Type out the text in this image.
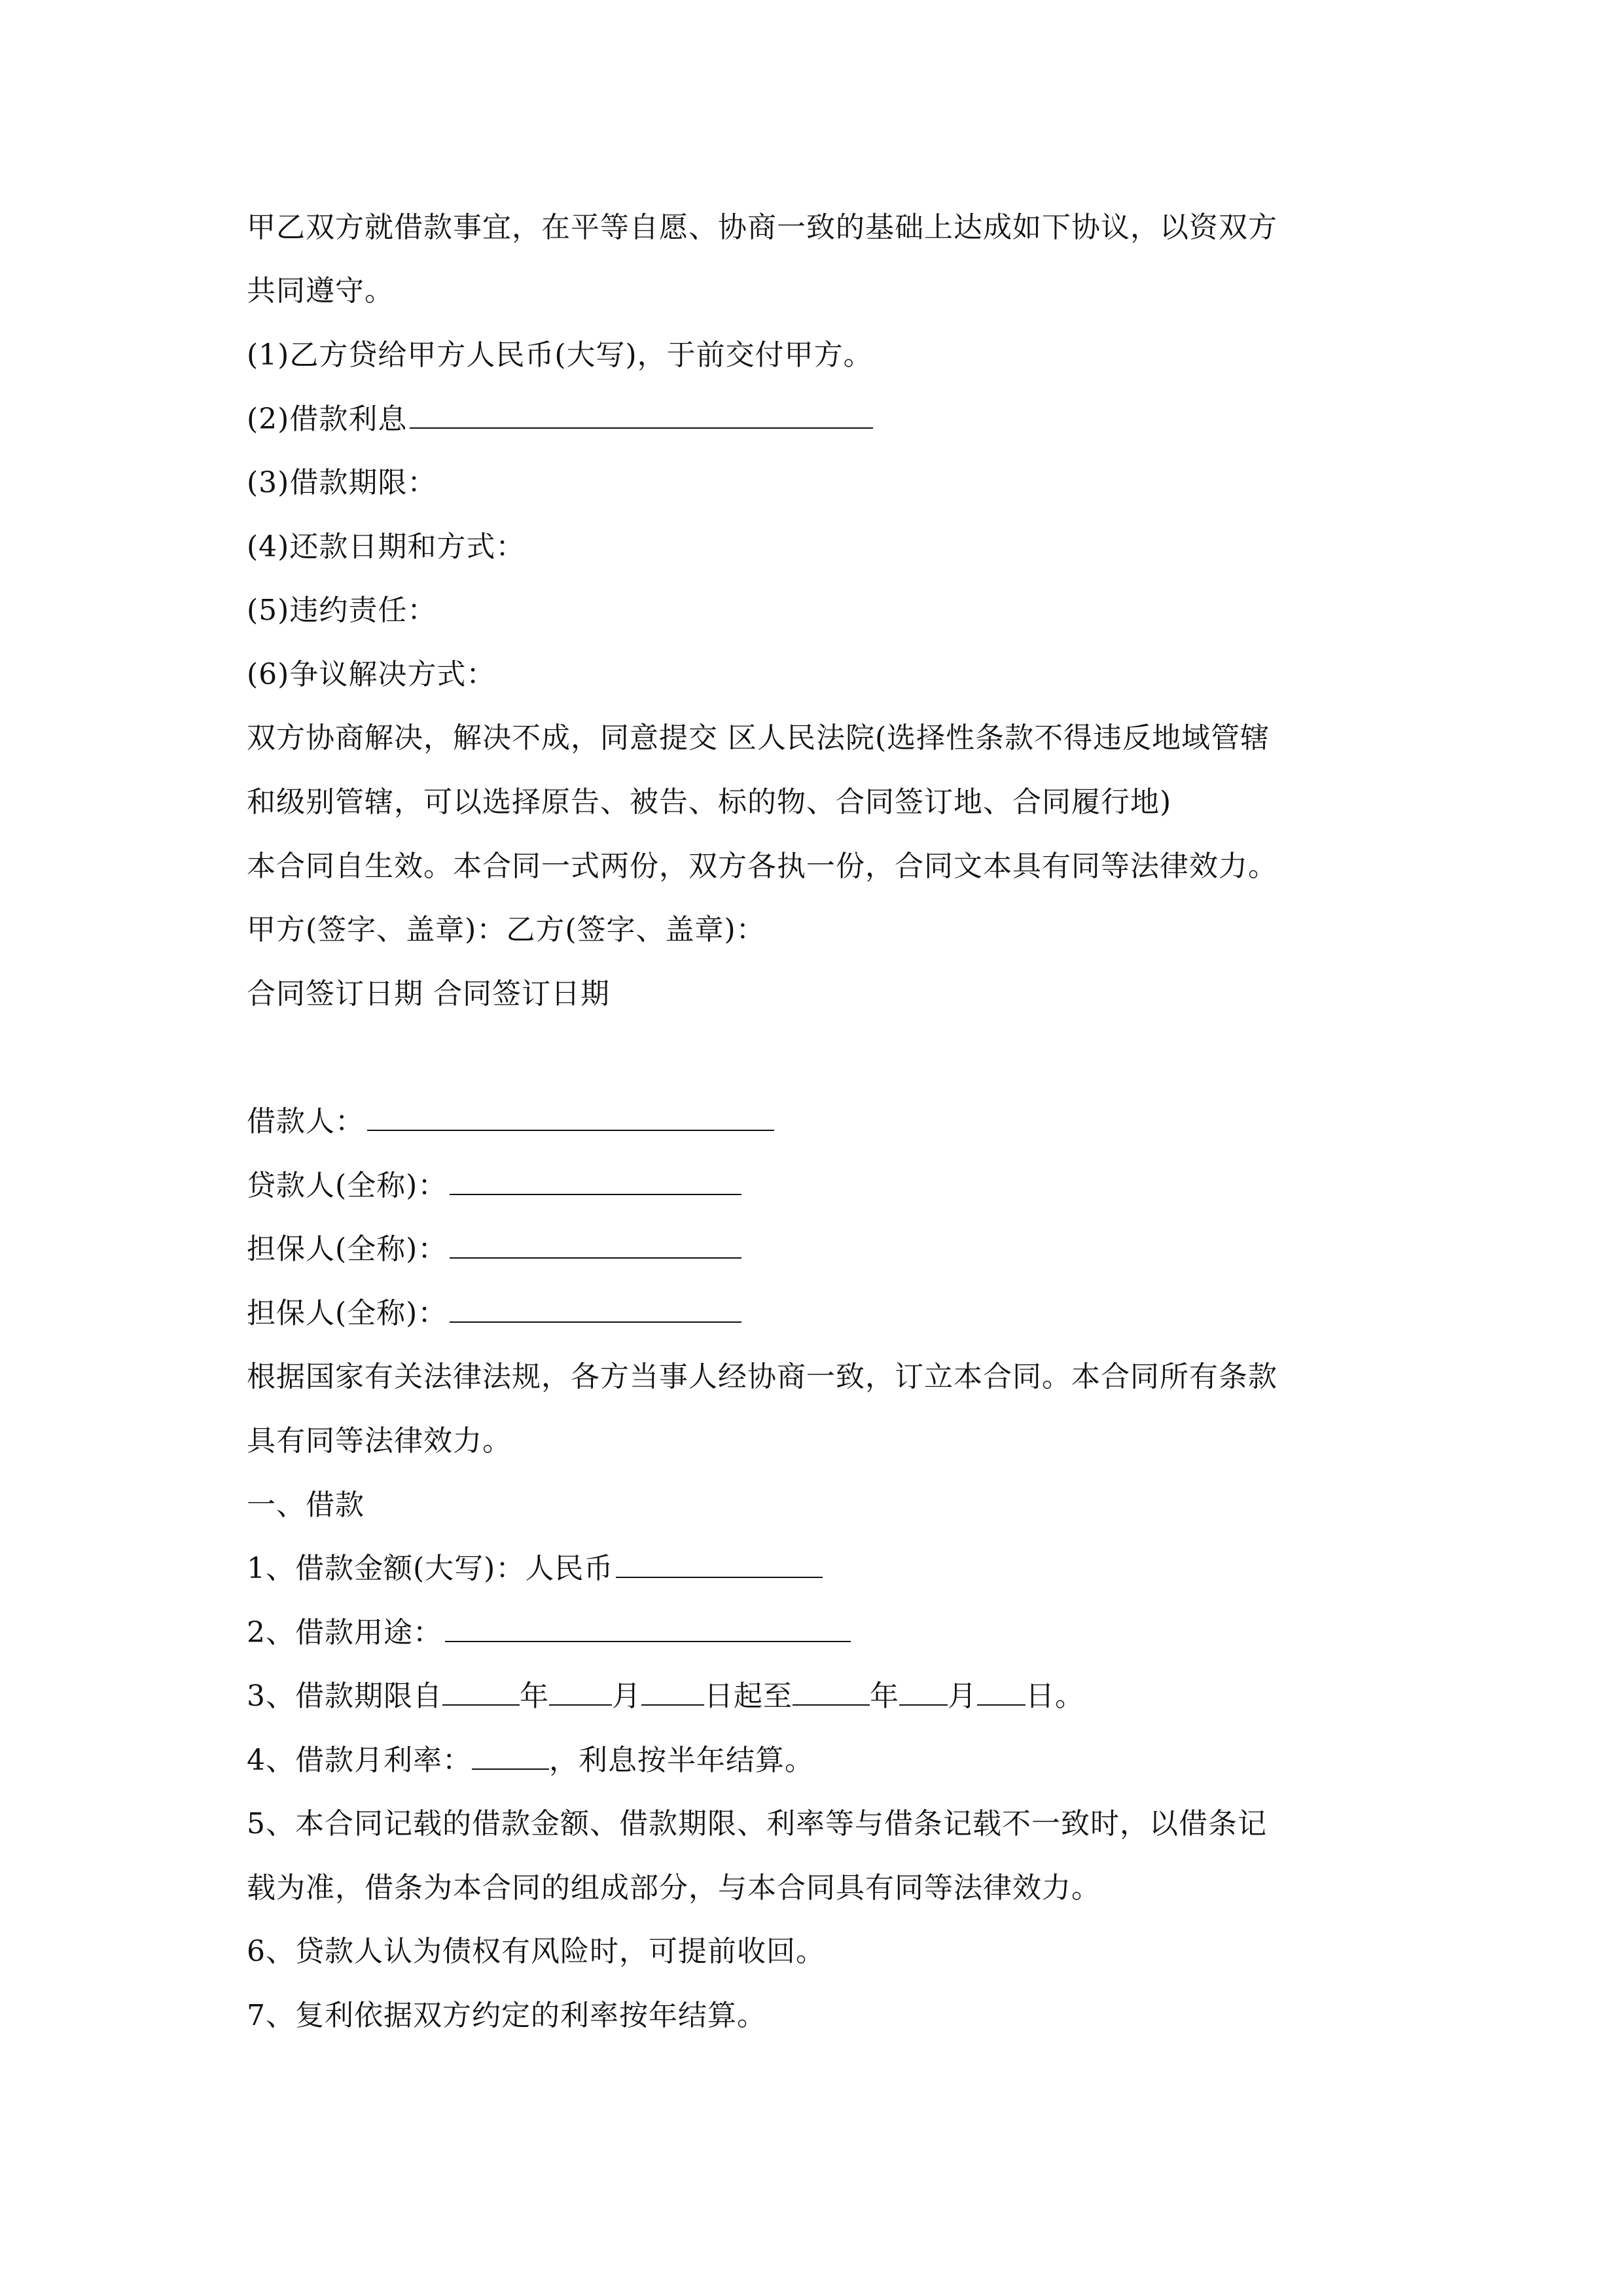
甲乙双方就借款事宜，在平等自愿、协商一致的基础上达成如下协议，以资双方
共同遵守。
(1)乙方贷给甲方人民币(大写)，于前交付甲方。
(2)借款利息
(3)借款期限：
(4)还款日期和方式：
(5)违约责任：
(6)争议解决方式：
双方协商解决，解决不成，同意提交 区人民法院(选择性条款不得违反地域管辖
和级别管辖，可以选择原告、被告、标的物、合同签订地、合同履行地)
本合同自生效。本合同一式两份，双方各执一份，合同文本具有同等法律效力。
甲方(签字、盖章)：乙方(签字、盖章)：
合同签订日期 合同签订日期
借款人：
贷款人(全称)：
担保人(全称)：
担保人(全称)：
根据国家有关法律法规，各方当事人经协商一致，订立本合同。本合同所有条款
具有同等法律效力。
一、借款
1、借款金额(大写)：人民币
2、借款用途：
3、借款期限自	年 月 日起至	年 月 日。
4、借款月利率：	，利息按半年结算。
5、本合同记载的借款金额、借款期限、利率等与借条记载不一致时，以借条记
载为准，借条为本合同的组成部分，与本合同具有同等法律效力。
6、贷款人认为债权有风险时，可提前收回。
7、复利依据双方约定的利率按年结算。
